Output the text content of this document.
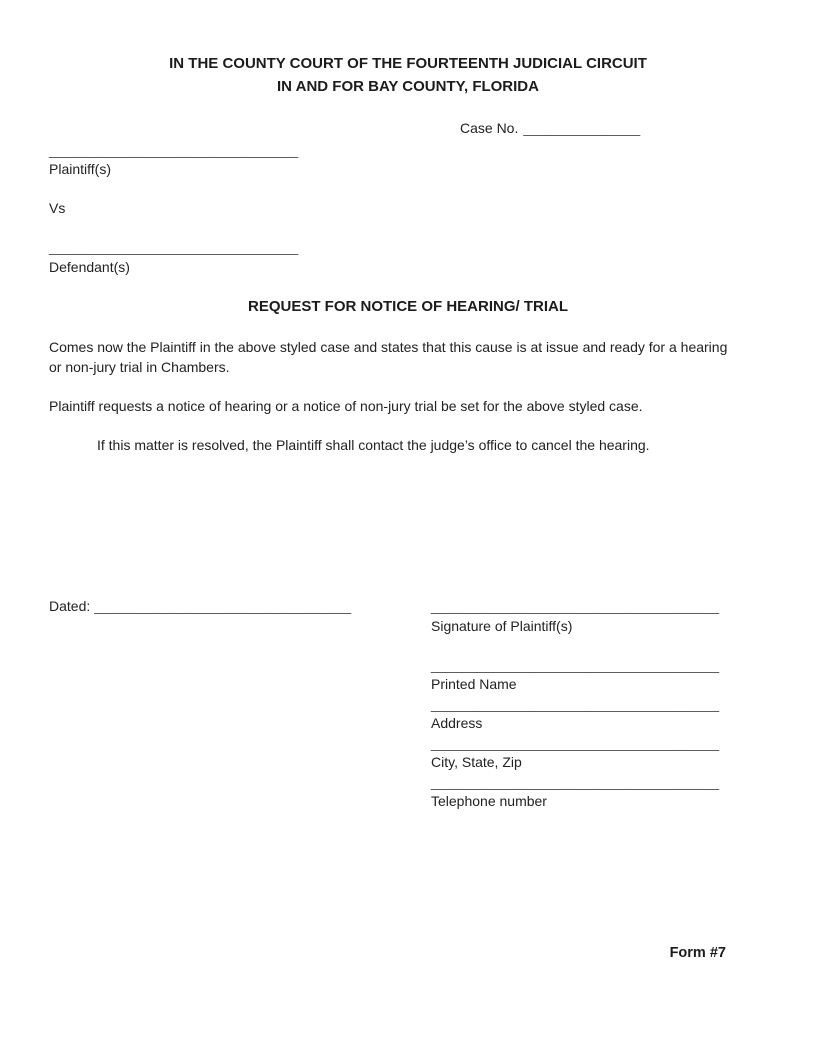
IN THE COUNTY COURT OF THE FOURTEENTH JUDICIAL CIRCUIT
IN AND FOR BAY COUNTY, FLORIDA
Case No. _______________
________________________________
Plaintiff(s)

Vs

________________________________
Defendant(s)
REQUEST FOR NOTICE OF HEARING/ TRIAL
Comes now the Plaintiff in the above styled case and states that this cause is at issue and ready for a hearing
or non-jury trial in Chambers.
Plaintiff requests a notice of hearing or a notice of non-jury trial be set for the above styled case.
If this matter is resolved, the Plaintiff shall contact the judge’s office to cancel the hearing.
Dated: _________________________________	_____________________________________
Signature of Plaintiff(s)

_____________________________________
Printed Name
_____________________________________
Address
_____________________________________
City, State, Zip
_____________________________________
Telephone number
Form #7
